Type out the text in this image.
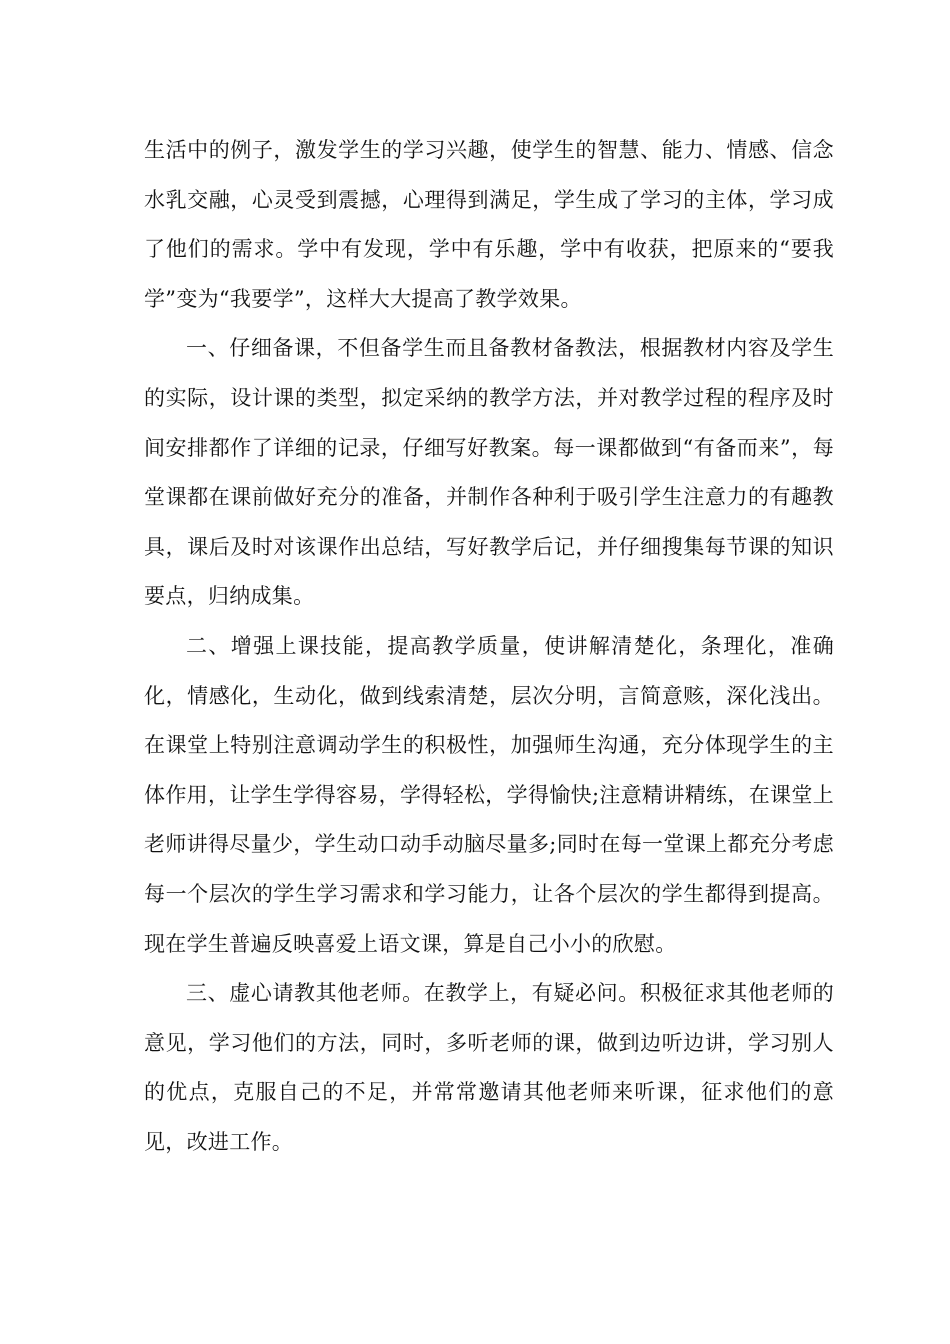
生活中的例子，激发学生的学习兴趣，使学生的智慧、能力、情感、信念水乳交融，心灵受到震撼，心理得到满足，学生成了学习的主体，学习成了他们的需求。学中有发现，学中有乐趣，学中有收获，把原来的“要我学”变为“我要学”，这样大大提高了教学效果。

一、仔细备课，不但备学生而且备教材备教法，根据教材内容及学生的实际，设计课的类型，拟定采纳的教学方法，并对教学过程的程序及时间安排都作了详细的记录，仔细写好教案。每一课都做到“有备而来”，每堂课都在课前做好充分的准备，并制作各种利于吸引学生注意力的有趣教具，课后及时对该课作出总结，写好教学后记，并仔细搜集每节课的知识要点，归纳成集。

二、增强上课技能，提高教学质量，使讲解清楚化，条理化，准确化，情感化，生动化，做到线索清楚，层次分明，言简意赅，深化浅出。在课堂上特别注意调动学生的积极性，加强师生沟通，充分体现学生的主体作用，让学生学得容易，学得轻松，学得愉快;注意精讲精练，在课堂上老师讲得尽量少，学生动口动手动脑尽量多;同时在每一堂课上都充分考虑每一个层次的学生学习需求和学习能力，让各个层次的学生都得到提高。现在学生普遍反映喜爱上语文课，算是自己小小的欣慰。

三、虚心请教其他老师。在教学上，有疑必问。积极征求其他老师的意见，学习他们的方法，同时，多听老师的课，做到边听边讲，学习别人的优点，克服自己的不足，并常常邀请其他老师来听课，征求他们的意见，改进工作。
